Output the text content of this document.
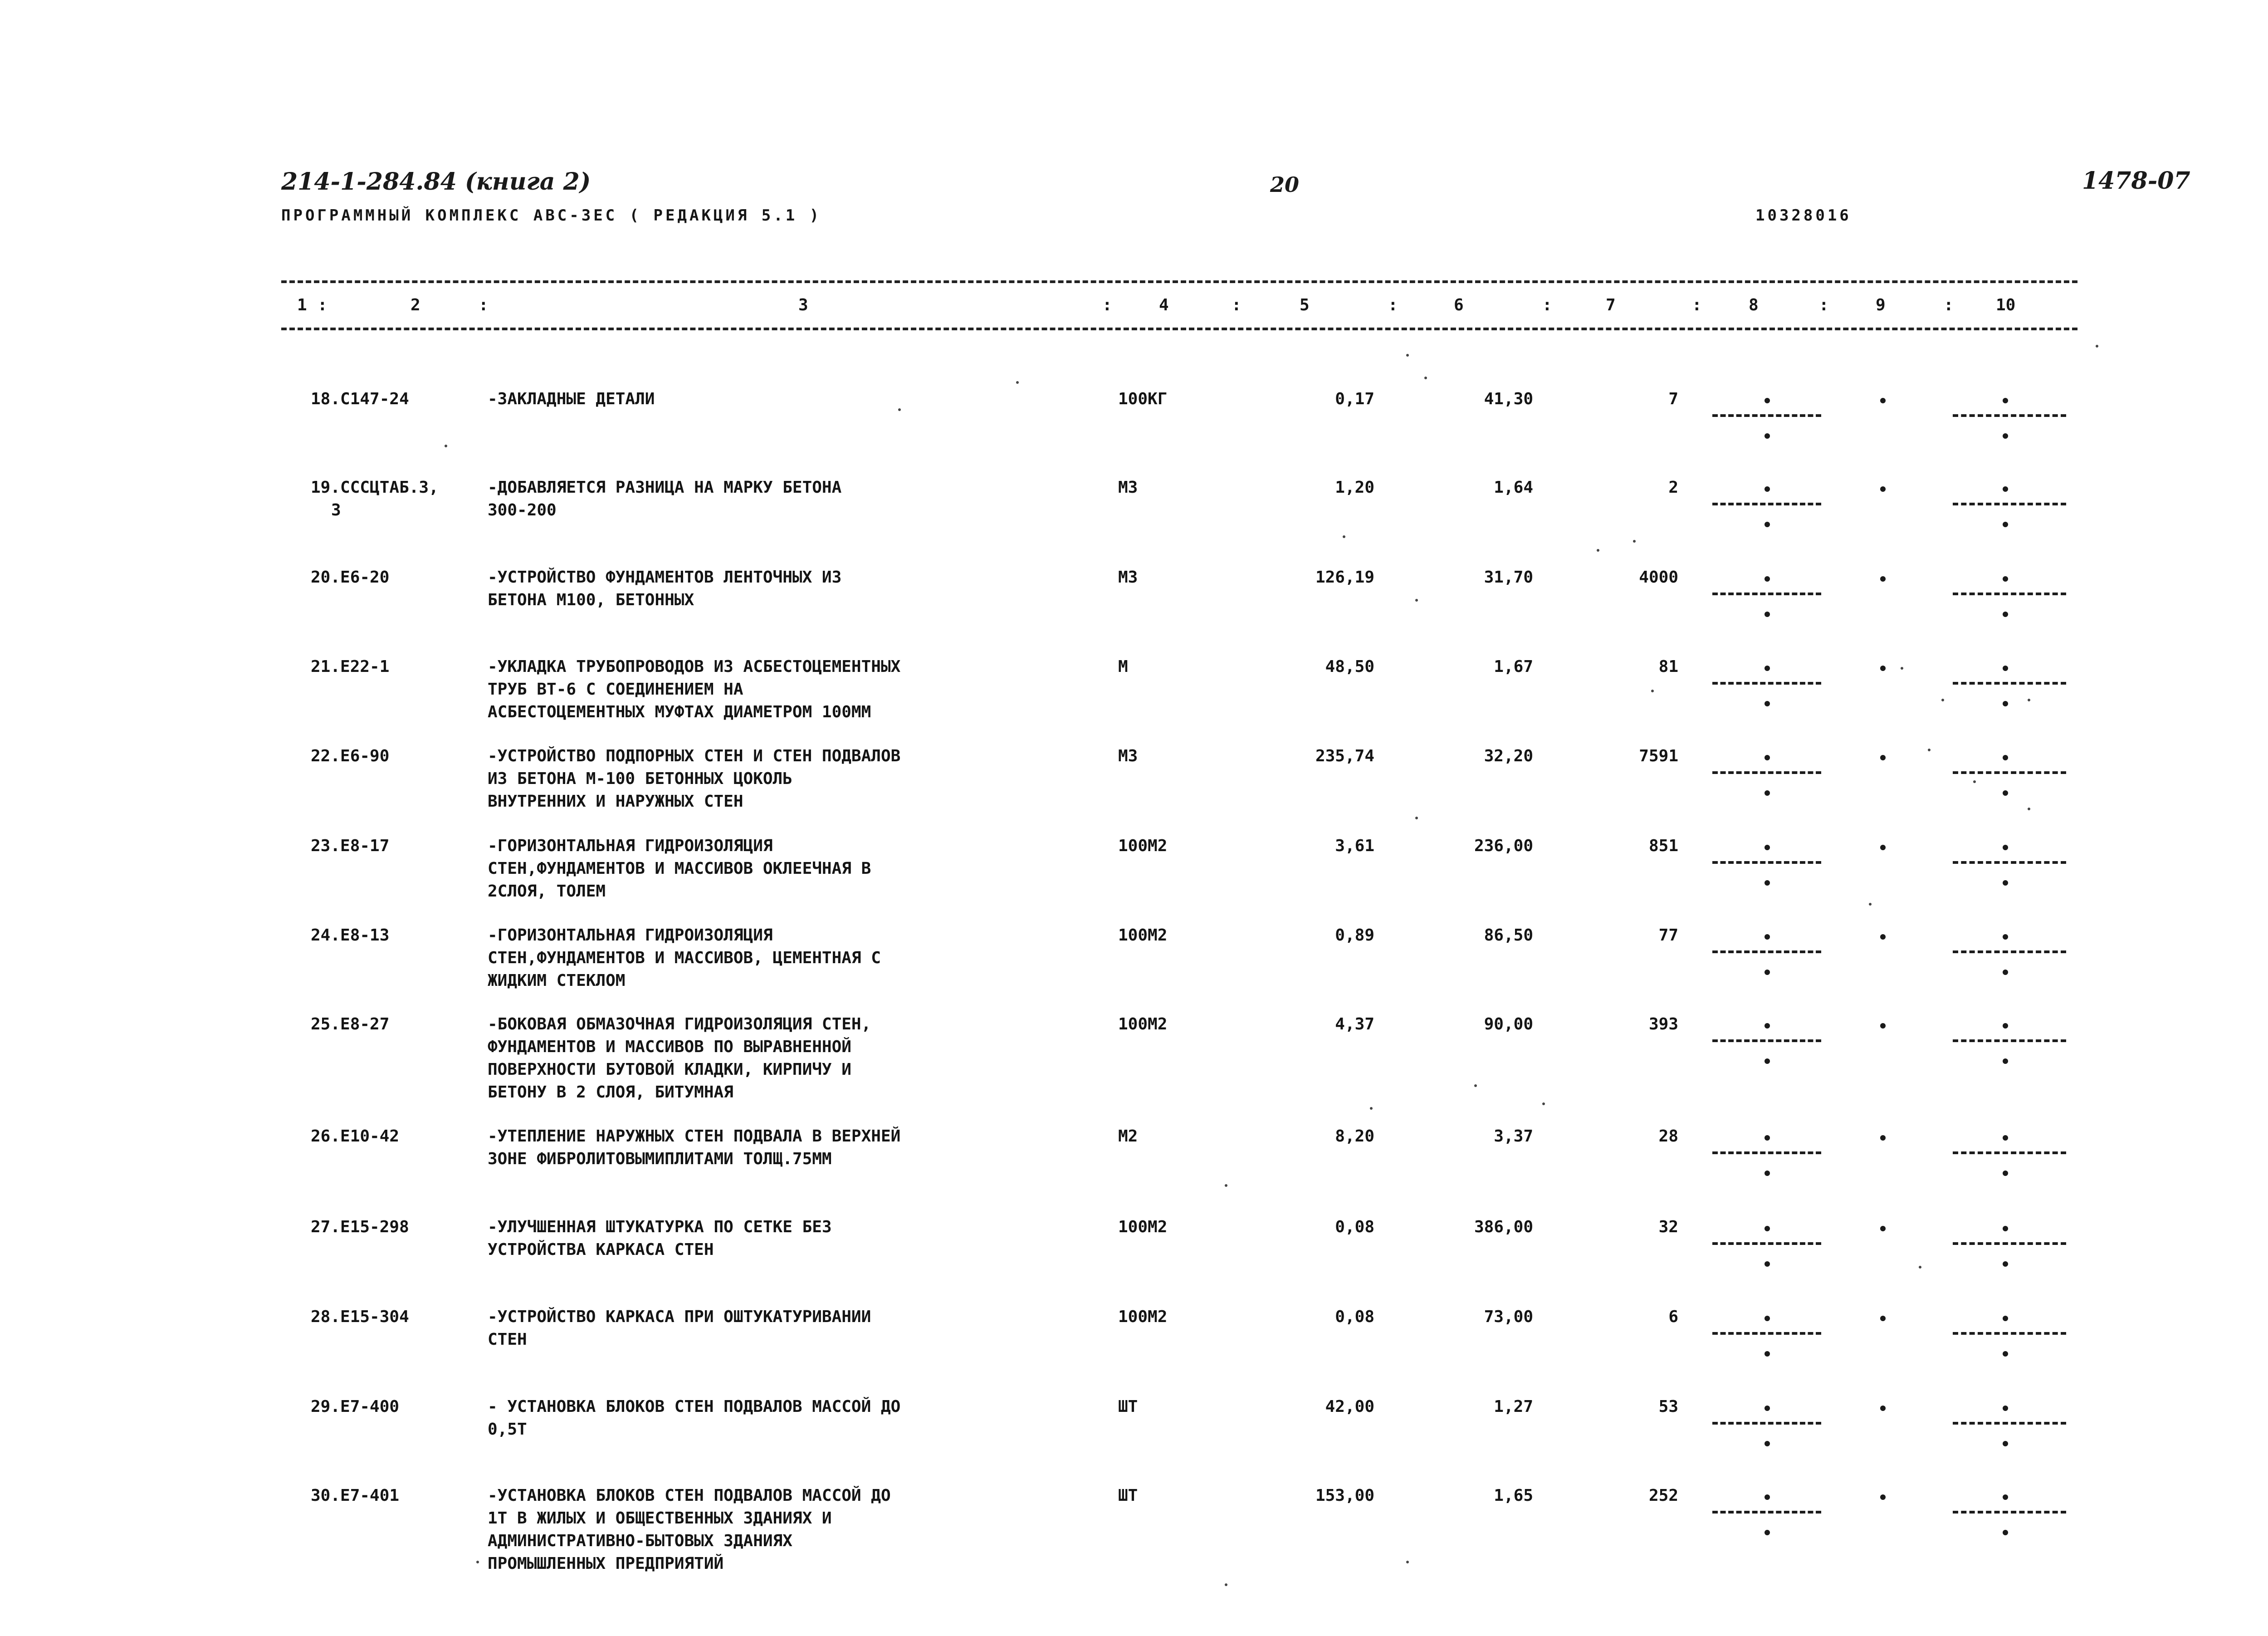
214-1-284.84 (книга 2)	20	1478-07
ПРОГРАММНЫЙ КОМПЛЕКС АВС-ЗЕС ( РЕДАКЦИЯ 5.1 )	10328016
1 :	2	:	3	:	4	:	5	:	6	:	7	:	8	:	9	:	10
18.С147-24	-ЗАКЛАДНЫЕ ДЕТАЛИ	100КГ	0,17	41,30	7
19.СССЦТАБ.3,
3
-ДОБАВЛЯЕТСЯ РАЗНИЦА НА МАРКУ БЕТОНА
300-200
М3	1,20	1,64	2
20.Е6-20	-УСТРОЙСТВО ФУНДАМЕНТОВ ЛЕНТОЧНЫХ ИЗ
БЕТОНА М100, БЕТОННЫХ
М3	126,19	31,70	4000
21.Е22-1	-УКЛАДКА ТРУБОПРОВОДОВ ИЗ АСБЕСТОЦЕМЕНТНЫХ
ТРУБ ВТ-6 С СОЕДИНЕНИЕМ НА
АСБЕСТОЦЕМЕНТНЫХ МУФТАХ ДИАМЕТРОМ 100ММ
М	48,50	1,67	81
22.Е6-90	-УСТРОЙСТВО ПОДПОРНЫХ СТЕН И СТЕН ПОДВАЛОВ
ИЗ БЕТОНА М-100 БЕТОННЫХ ЦОКОЛЬ
ВНУТРЕННИХ И НАРУЖНЫХ СТЕН
М3	235,74	32,20	7591
23.Е8-17	-ГОРИЗОНТАЛЬНАЯ ГИДРОИЗОЛЯЦИЯ
СТЕН,ФУНДАМЕНТОВ И МАССИВОВ ОКЛЕЕЧНАЯ В
2СЛОЯ, ТОЛЕМ
100М2	3,61	236,00	851
24.Е8-13	-ГОРИЗОНТАЛЬНАЯ ГИДРОИЗОЛЯЦИЯ
СТЕН,ФУНДАМЕНТОВ И МАССИВОВ, ЦЕМЕНТНАЯ С
ЖИДКИМ СТЕКЛОМ
100М2	0,89	86,50	77
25.Е8-27	-БОКОВАЯ ОБМАЗОЧНАЯ ГИДРОИЗОЛЯЦИЯ СТЕН,
ФУНДАМЕНТОВ И МАССИВОВ ПО ВЫРАВНЕННОЙ
ПОВЕРХНОСТИ БУТОВОЙ КЛАДКИ, КИРПИЧУ И
БЕТОНУ В 2 СЛОЯ, БИТУМНАЯ
100М2	4,37	90,00	393
26.Е10-42	-УТЕПЛЕНИЕ НАРУЖНЫХ СТЕН ПОДВАЛА В ВЕРХНЕЙ
ЗОНЕ ФИБРОЛИТОВЫМИПЛИТАМИ ТОЛЩ.75ММ
М2	8,20	3,37	28
27.Е15-298	-УЛУЧШЕННАЯ ШТУКАТУРКА ПО СЕТКЕ БЕЗ
УСТРОЙСТВА КАРКАСА СТЕН
100М2	0,08	386,00	32
28.Е15-304	-УСТРОЙСТВО КАРКАСА ПРИ ОШТУКАТУРИВАНИИ
СТЕН
100М2	0,08	73,00	6
29.Е7-400	- УСТАНОВКА БЛОКОВ СТЕН ПОДВАЛОВ МАССОЙ ДО
0,5Т
ШТ	42,00	1,27	53
30.Е7-401	-УСТАНОВКА БЛОКОВ СТЕН ПОДВАЛОВ МАССОЙ ДО
1Т В ЖИЛЫХ И ОБЩЕСТВЕННЫХ ЗДАНИЯХ И
АДМИНИСТРАТИВНО-БЫТОВЫХ ЗДАНИЯХ
ПРОМЫШЛЕННЫХ ПРЕДПРИЯТИЙ
ШТ	153,00	1,65	252
